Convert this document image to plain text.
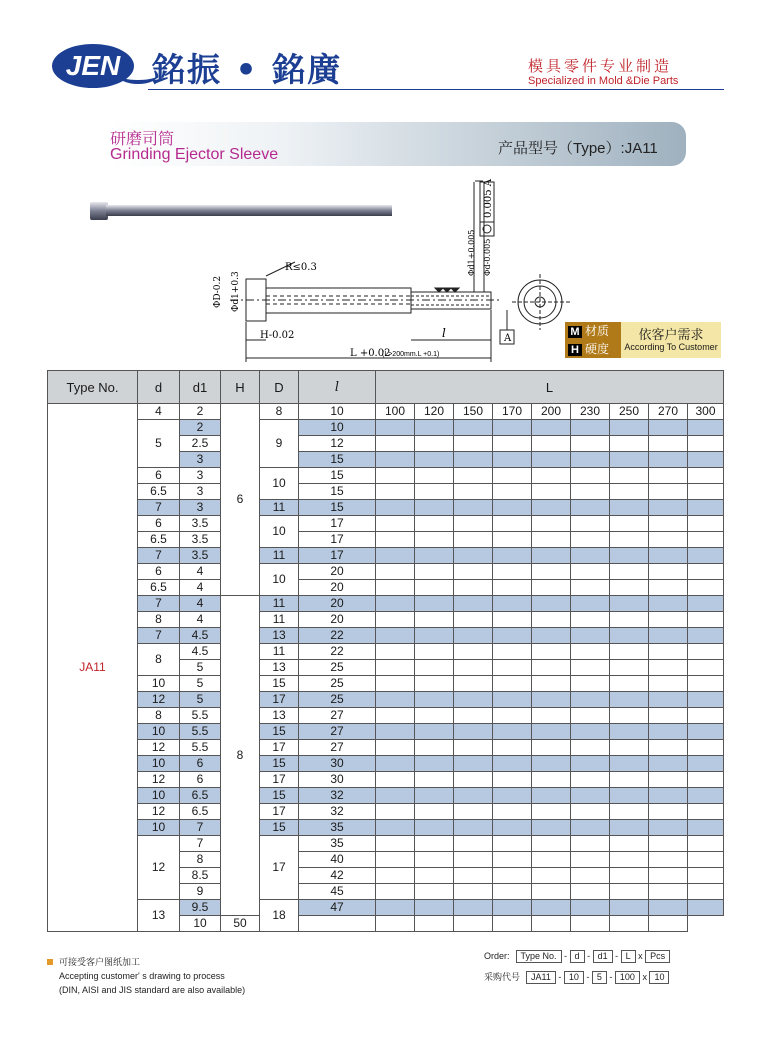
JEN 銘振 • 銘廣	模具零件专业制造
Specialized in Mold &Die Parts
研磨司筒
Grinding Ejector Sleeve	产品型号（Type）:JA11
R≤0.3
ΦD-0.2 Φd1+0.3
H-0.02	l
L +0.02
(L>200mm.L +0.1)
0.005 A
A
Φd1+0.005 Φd-0.005
M 材质
H 硬度
依客户需求
According To Customer
Type No.	d	d1	H	D	l	L								
JA11	4	2	6	8	10	100	120	150	170	200	230	250	270	300
	5	2		9	10									
		2.5			12									
		3			15									
	6	3		10	15									
	6.5	3			15									
	7	3		11	15									
	6	3.5		10	17									
	6.5	3.5			17									
	7	3.5		11	17									
	6	4		10	20									
	6.5	4			20									
	7	4	8	11	20									
	8	4		11	20									
	7	4.5		13	22									
	8	4.5		11	22									
		5		13	25									
	10	5		15	25									
	12	5		17	25									
	8	5.5		13	27									
	10	5.5		15	27									
	12	5.5		17	27									
	10	6		15	30									
	12	6		17	30									
	10	6.5		15	32									
	12	6.5		17	32									
	10	7		15	35									
	12	7		17	35									
		8			40									
		8.5			42									
		9			45									
	13	9.5		18	47									
		10	50											
可接受客户图纸加工
Accepting customer' s drawing to process
(DIN, AISI and JIS standard are also available)
Order: Type No. - d - d1 - L x Pcs
采购代号 JA11 - 10 - 5 - 100 x 10
